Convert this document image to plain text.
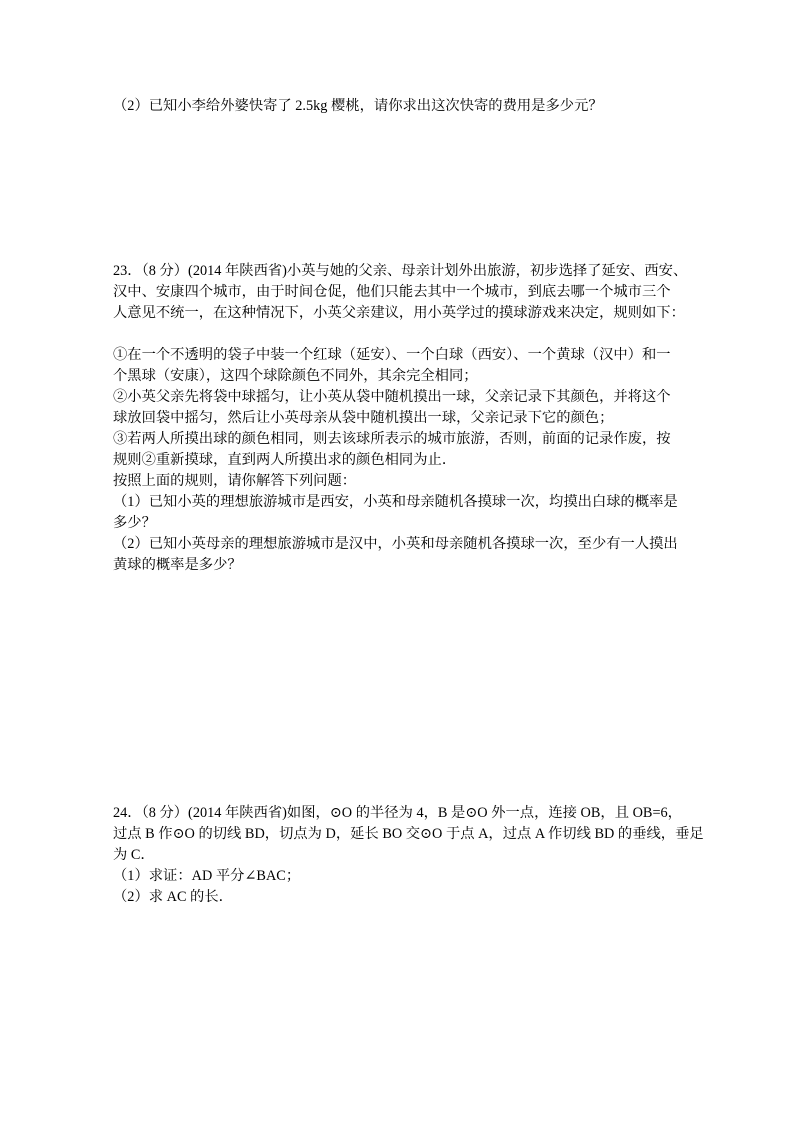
（2）已知小李给外婆快寄了 2.5kg 樱桃，请你求出这次快寄的费用是多少元？
23．（8 分）(2014 年陕西省)小英与她的父亲、母亲计划外出旅游，初步选择了延安、西安、
汉中、安康四个城市，由于时间仓促，他们只能去其中一个城市，到底去哪一个城市三个
人意见不统一，在这种情况下，小英父亲建议，用小英学过的摸球游戏来决定，规则如下：
①在一个不透明的袋子中装一个红球（延安）、一个白球（西安）、一个黄球（汉中）和一
个黑球（安康），这四个球除颜色不同外，其余完全相同；
②小英父亲先将袋中球摇匀，让小英从袋中随机摸出一球，父亲记录下其颜色，并将这个
球放回袋中摇匀，然后让小英母亲从袋中随机摸出一球，父亲记录下它的颜色；
③若两人所摸出球的颜色相同，则去该球所表示的城市旅游，否则，前面的记录作废，按
规则②重新摸球，直到两人所摸出求的颜色相同为止．
按照上面的规则，请你解答下列问题：
（1）已知小英的理想旅游城市是西安，小英和母亲随机各摸球一次，均摸出白球的概率是
多少？
（2）已知小英母亲的理想旅游城市是汉中，小英和母亲随机各摸球一次，至少有一人摸出
黄球的概率是多少？
24．（8 分）(2014 年陕西省)如图，⊙O 的半径为 4，B 是⊙O 外一点，连接 OB，且 OB=6，
过点 B 作⊙O 的切线 BD，切点为 D，延长 BO 交⊙O 于点 A，过点 A 作切线 BD 的垂线，垂足
为 C．
（1）求证：AD 平分∠BAC；
（2）求 AC 的长．
